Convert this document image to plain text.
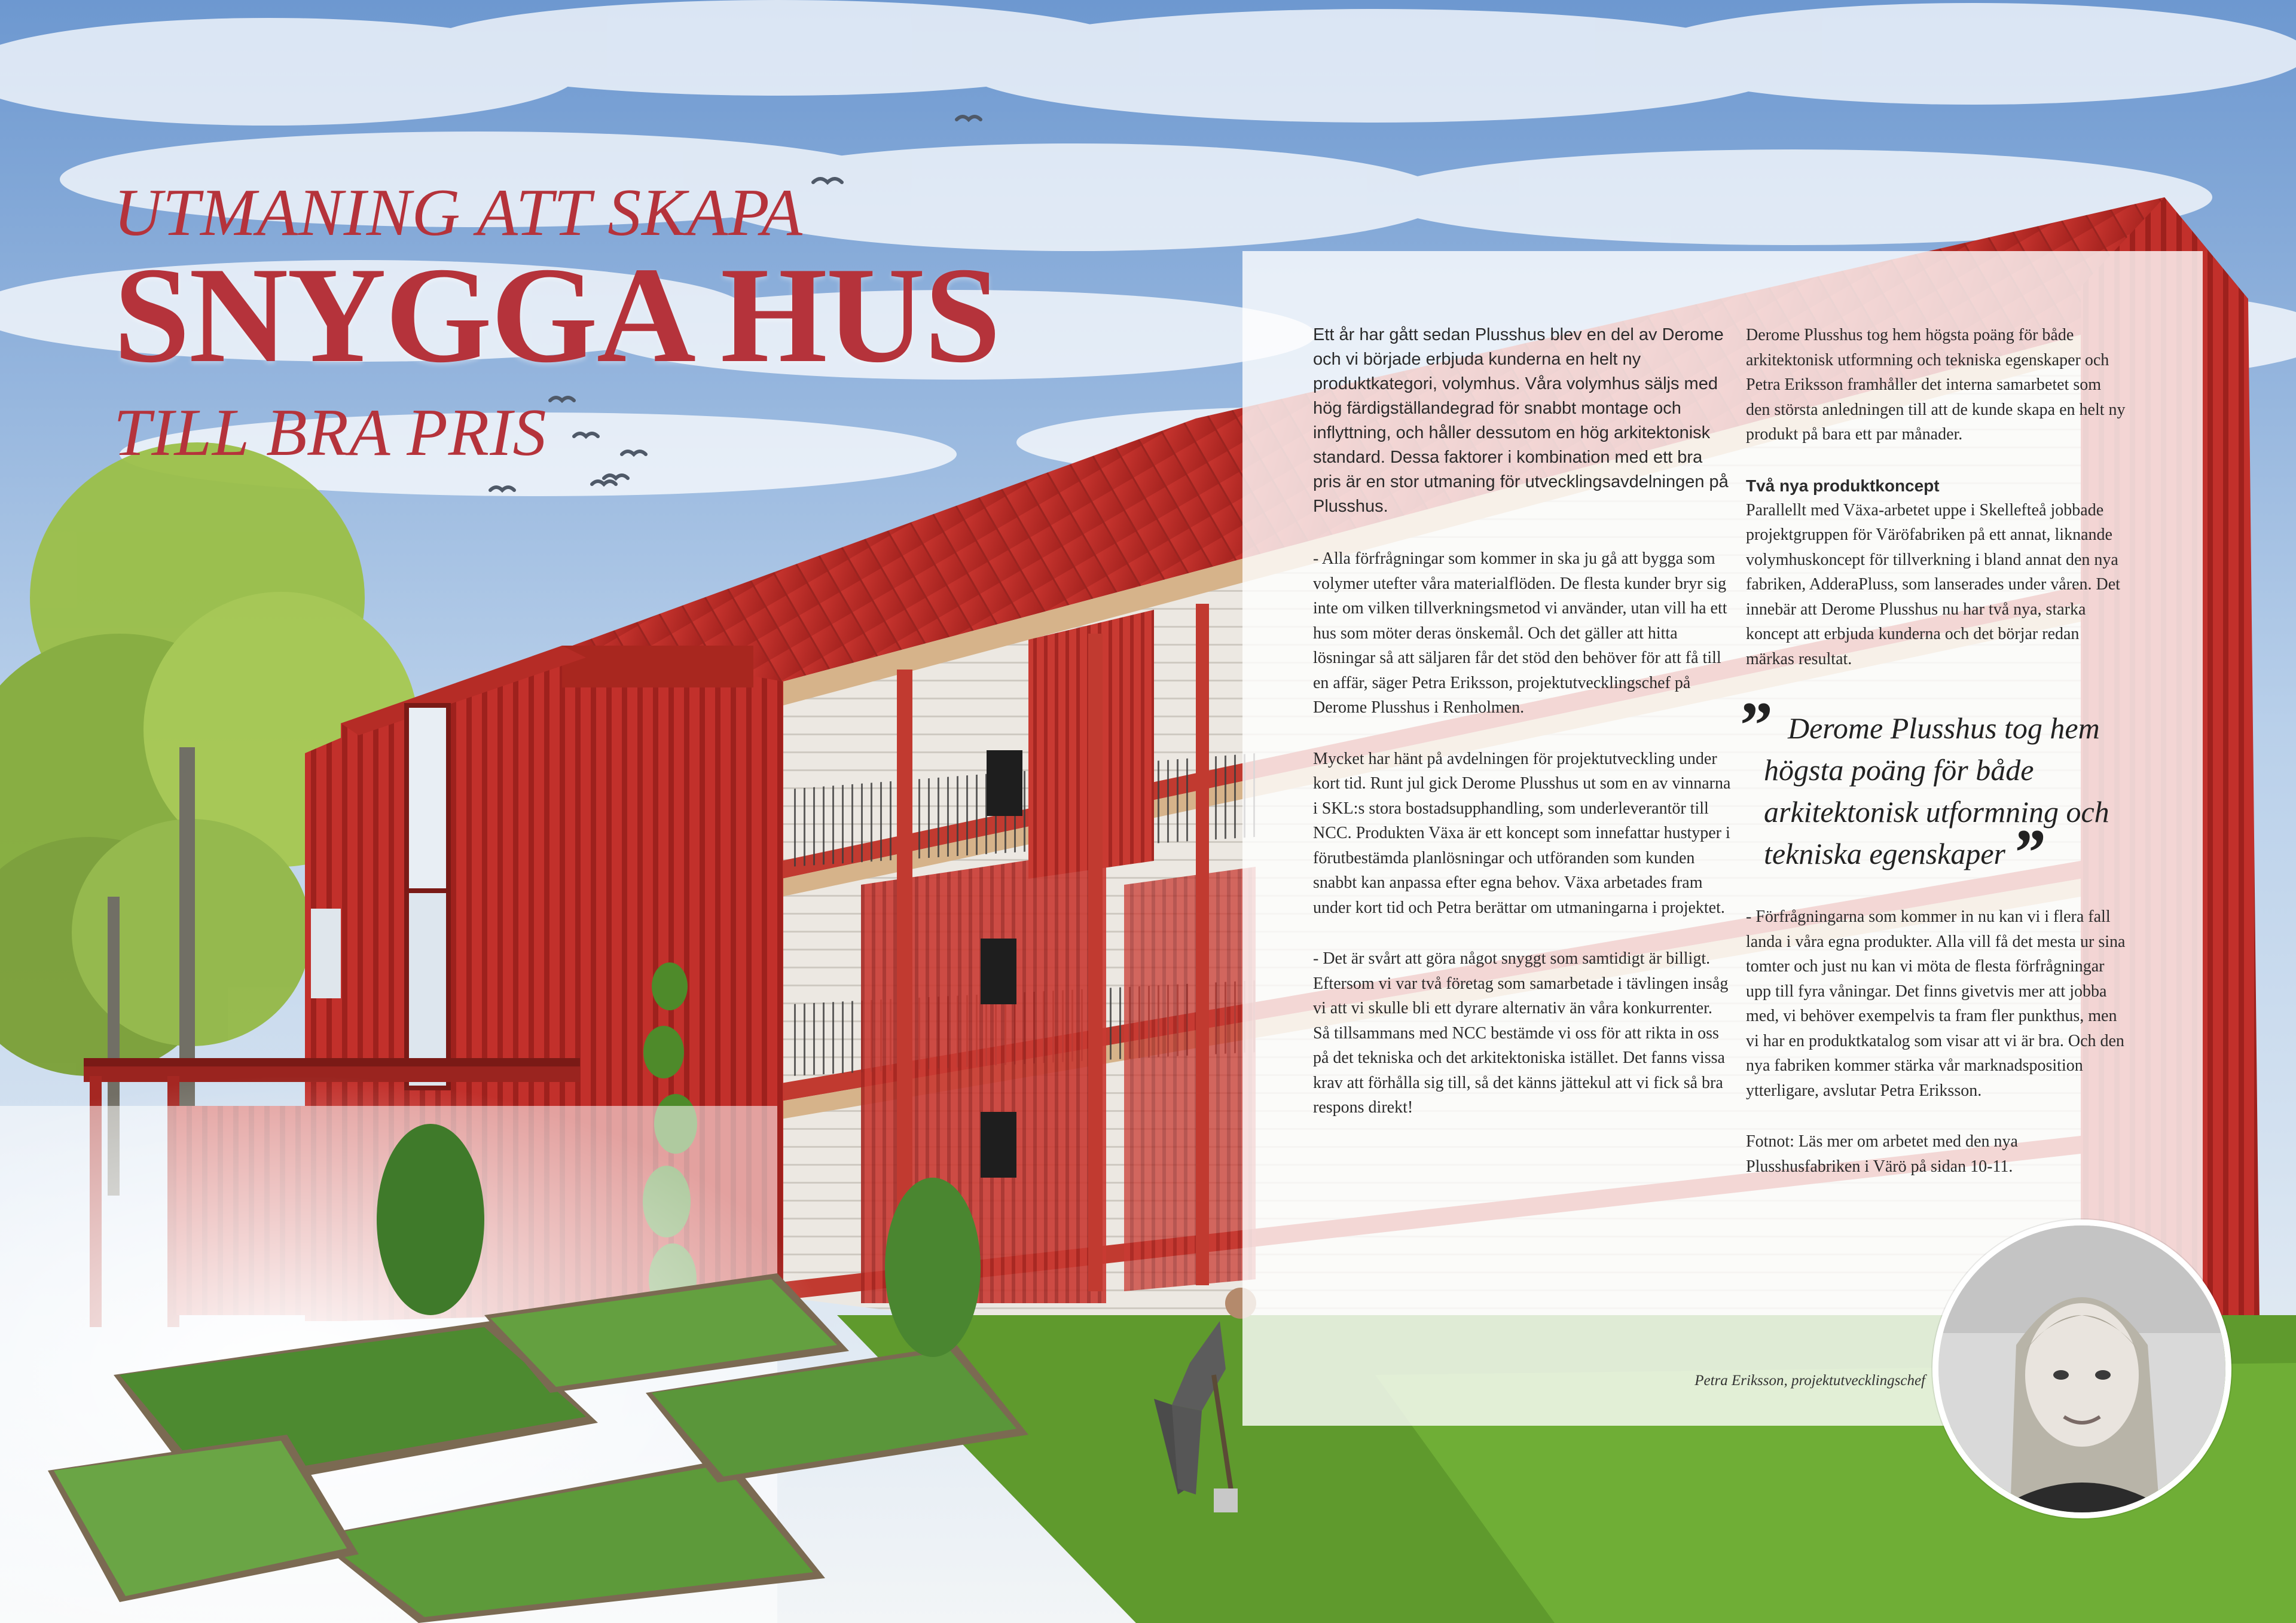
UTMANING ATT SKAPA
SNYGGA HUS
TILL BRA PRIS

Ett år har gått sedan Plusshus blev en del av Derome och vi började erbjuda kunderna en helt ny produktkategori, volymhus. Våra volymhus säljs med hög färdigställandegrad för snabbt montage och inflyttning, och håller dessutom en hög arkitektonisk standard. Dessa faktorer i kombination med ett bra pris är en stor utmaning för utvecklingsavdelningen på Plusshus.

- Alla förfrågningar som kommer in ska ju gå att bygga som volymer utefter våra materialflöden. De flesta kunder bryr sig inte om vilken tillverkningsmetod vi använder, utan vill ha ett hus som möter deras önskemål. Och det gäller att hitta lösningar så att säljaren får det stöd den behöver för att få till en affär, säger Petra Eriksson, projektutvecklingschef på Derome Plusshus i Renholmen.

Mycket har hänt på avdelningen för projektutveckling under kort tid. Runt jul gick Derome Plusshus ut som en av vinnarna i SKL:s stora bostadsupphandling, som underleverantör till NCC. Produkten Växa är ett koncept som innefattar hustyper i förutbestämda planlösningar och utföranden som kunden snabbt kan anpassa efter egna behov. Växa arbetades fram under kort tid och Petra berättar om utmaningarna i projektet.

- Det är svårt att göra något snyggt som samtidigt är billigt. Eftersom vi var två företag som samarbetade i tävlingen insåg vi att vi skulle bli ett dyrare alternativ än våra konkurrenter. Så tillsammans med NCC bestämde vi oss för att rikta in oss på det tekniska och det arkitektoniska istället. Det fanns vissa krav att förhålla sig till, så det känns jättekul att vi fick så bra respons direkt!

Derome Plusshus tog hem högsta poäng för både arkitektonisk utformning och tekniska egenskaper och Petra Eriksson framhåller det interna samarbetet som den största anledningen till att de kunde skapa en helt ny produkt på bara ett par månader.

Två nya produktkoncept

Parallellt med Växa-arbetet uppe i Skellefteå jobbade projektgruppen för Väröfabriken på ett annat, liknande volymhuskoncept för tillverkning i bland annat den nya fabriken, AdderaPluss, som lanserades under våren. Det innebär att Derome Plusshus nu har två nya, starka koncept att erbjuda kunderna och det börjar redan märkas resultat.

” Derome Plusshus tog hem högsta poäng för både arkitektonisk utformning och tekniska egenskaper”

- Förfrågningarna som kommer in nu kan vi i flera fall landa i våra egna produkter. Alla vill få det mesta ur sina tomter och just nu kan vi möta de flesta förfrågningar upp till fyra våningar. Det finns givetvis mer att jobba med, vi behöver exempelvis ta fram fler punkthus, men vi har en produktkatalog som visar att vi är bra. Och den nya fabriken kommer stärka vår marknadsposition ytterligare, avslutar Petra Eriksson.

Fotnot: Läs mer om arbetet med den nya Plusshusfabriken i Värö på sidan 10-11.

Petra Eriksson, projektutvecklingschef
